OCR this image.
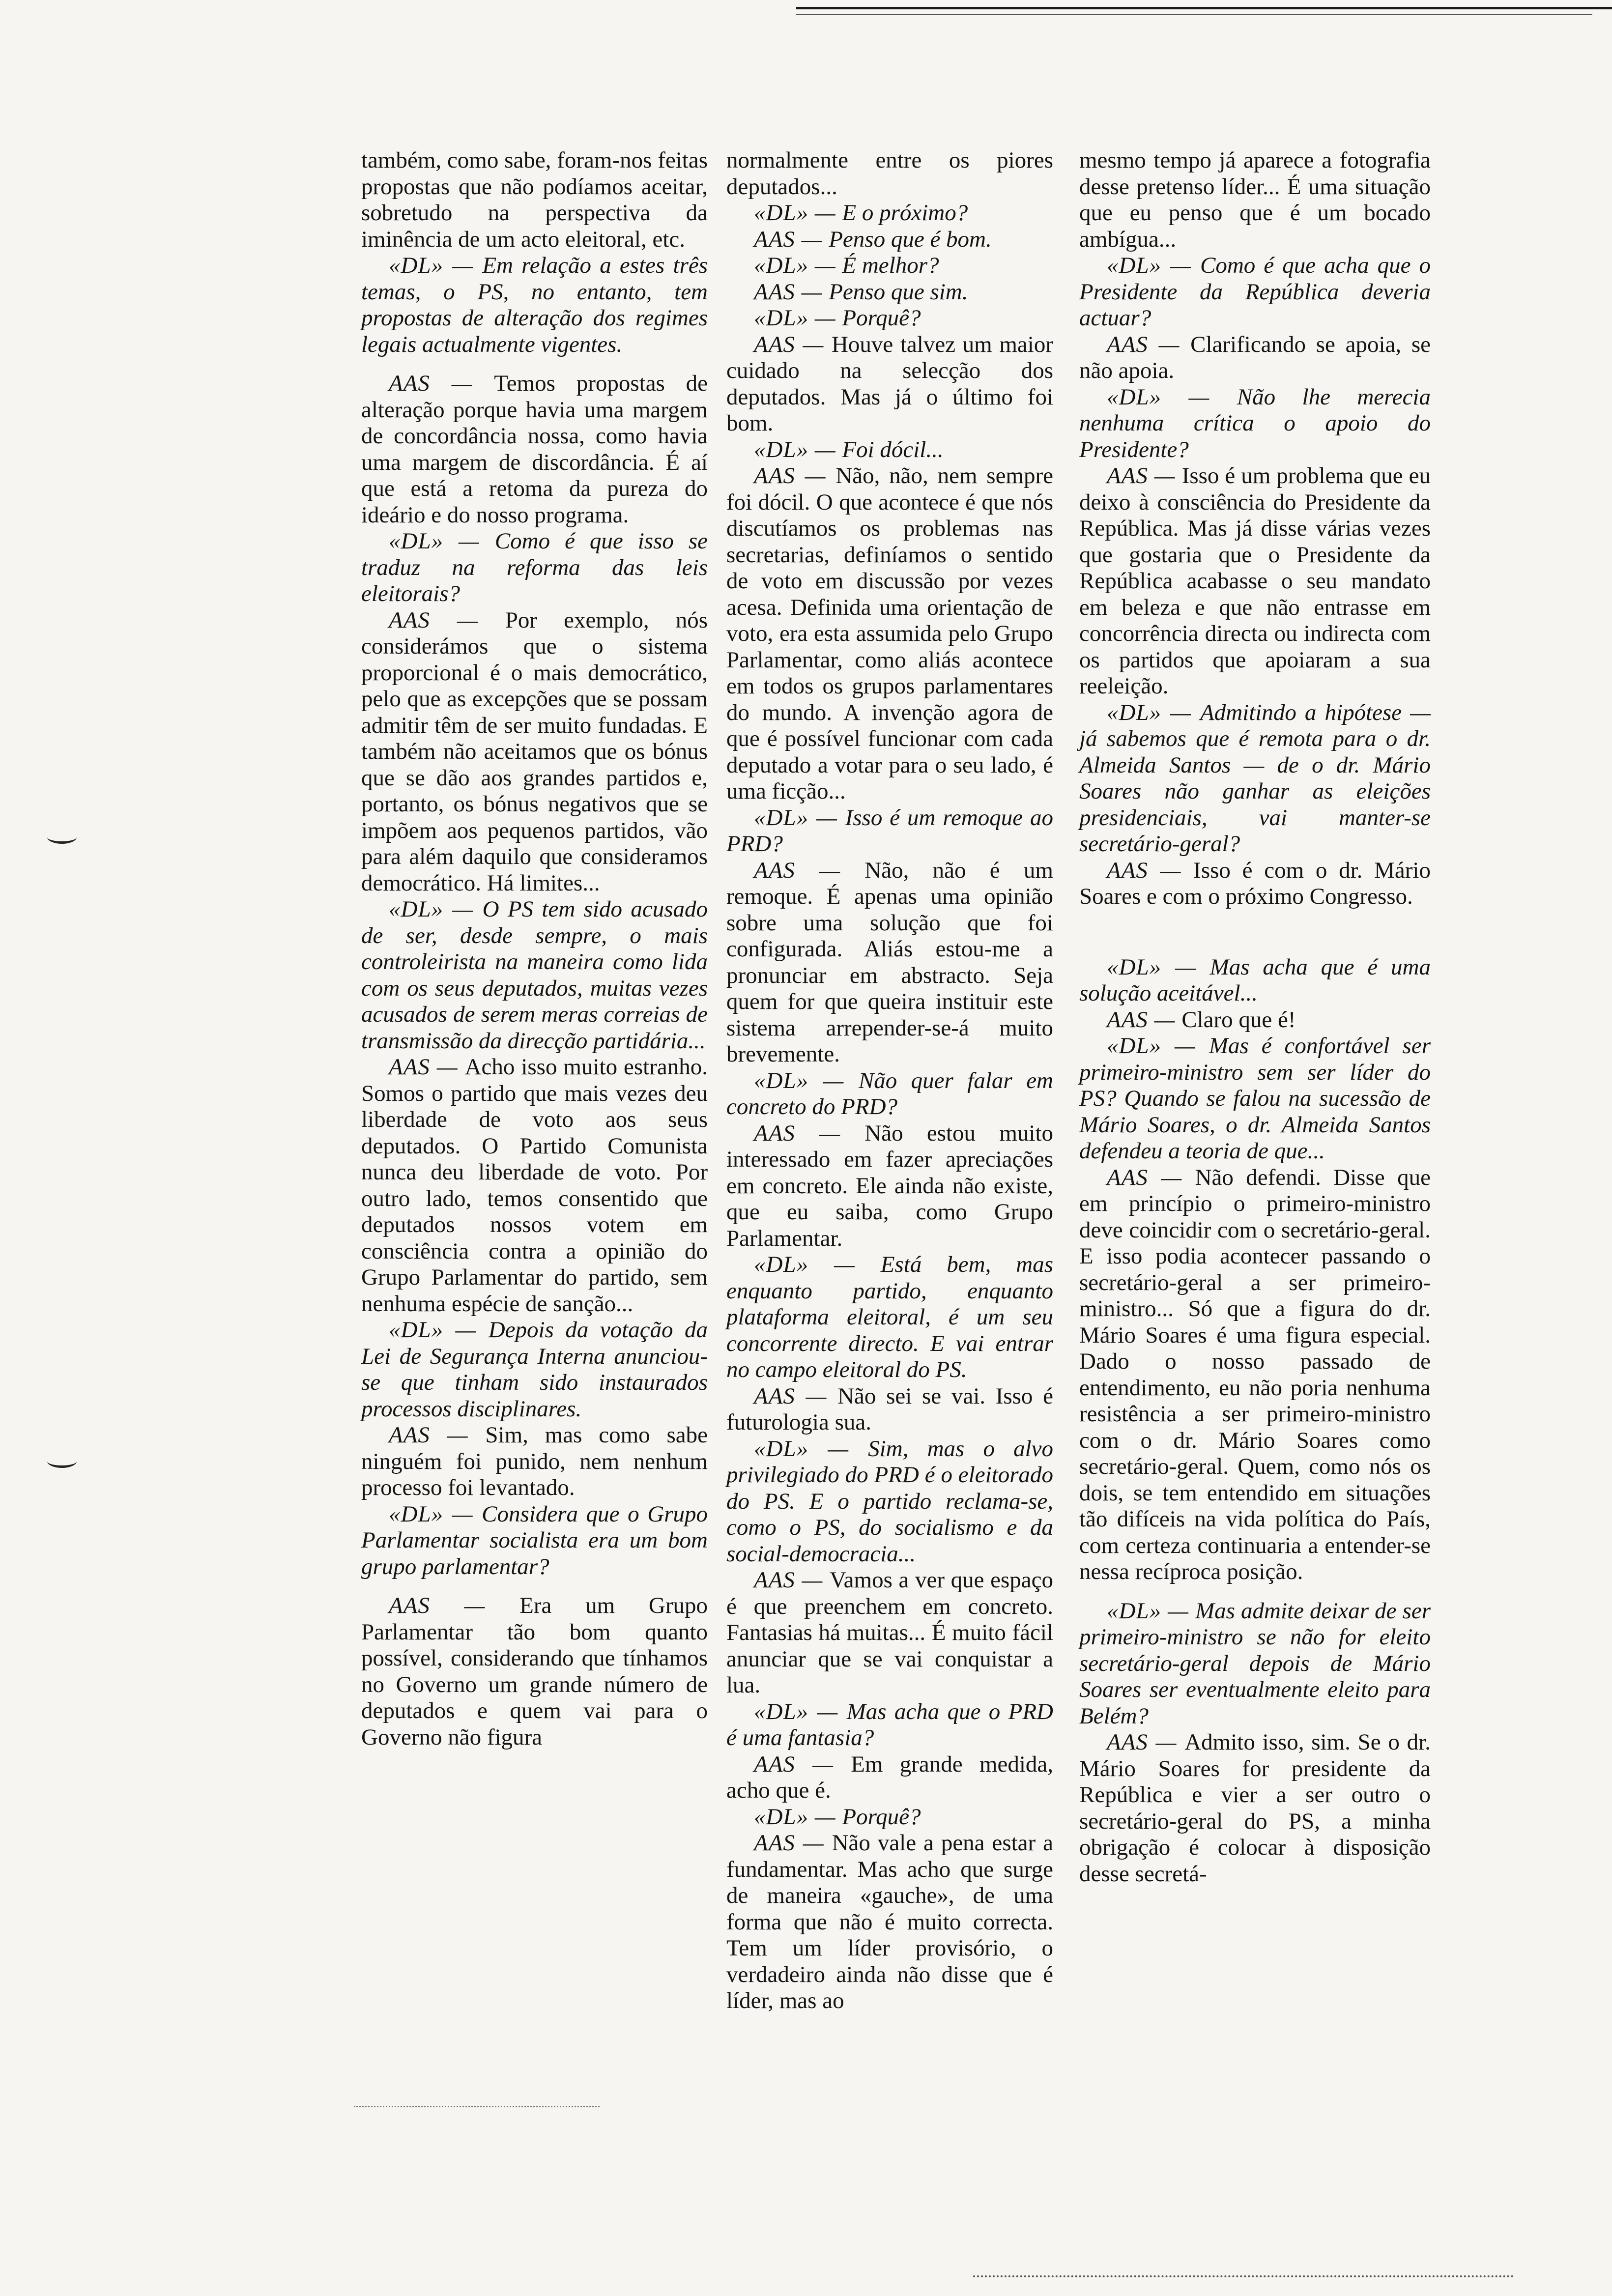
também, como sabe, foram-nos feitas propostas que não podíamos aceitar, sobretudo na perspectiva da iminência de um acto eleitoral, etc.

«DL» — Em relação a estes três temas, o PS, no entanto, tem propostas de alteração dos regimes legais actualmente vigentes.

AAS — Temos propostas de alteração porque havia uma margem de concordância nossa, como havia uma margem de discordância. É aí que está a retoma da pureza do ideário e do nosso programa.

«DL» — Como é que isso se traduz na reforma das leis eleitorais?

AAS — Por exemplo, nós considerámos que o sistema proporcional é o mais democrático, pelo que as excepções que se possam admitir têm de ser muito fundadas. E também não aceitamos que os bónus que se dão aos grandes partidos e, portanto, os bónus negativos que se impõem aos pequenos partidos, vão para além daquilo que consideramos democrático. Há limites...

«DL» — O PS tem sido acusado de ser, desde sempre, o mais controleirista na maneira como lida com os seus deputados, muitas vezes acusados de serem meras correias de transmissão da direcção partidária...

AAS — Acho isso muito estranho. Somos o partido que mais vezes deu liberdade de voto aos seus deputados. O Partido Comunista nunca deu liberdade de voto. Por outro lado, temos consentido que deputados nossos votem em consciência contra a opinião do Grupo Parlamentar do partido, sem nenhuma espécie de sanção...

«DL» — Depois da votação da Lei de Segurança Interna anunciou-se que tinham sido instaurados processos disciplinares.

AAS — Sim, mas como sabe ninguém foi punido, nem nenhum processo foi levantado.

«DL» — Considera que o Grupo Parlamentar socialista era um bom grupo parlamentar?

AAS — Era um Grupo Parlamentar tão bom quanto possível, considerando que tínhamos no Governo um grande número de deputados e quem vai para o Governo não figura

normalmente entre os piores deputados...

«DL» — E o próximo?

AAS — Penso que é bom.

«DL» — É melhor?

AAS — Penso que sim.

«DL» — Porquê?

AAS — Houve talvez um maior cuidado na selecção dos deputados. Mas já o último foi bom.

«DL» — Foi dócil...

AAS — Não, não, nem sempre foi dócil. O que acontece é que nós discutíamos os problemas nas secretarias, definíamos o sentido de voto em discussão por vezes acesa. Definida uma orientação de voto, era esta assumida pelo Grupo Parlamentar, como aliás acontece em todos os grupos parlamentares do mundo. A invenção agora de que é possível funcionar com cada deputado a votar para o seu lado, é uma ficção...

«DL» — Isso é um remoque ao PRD?

AAS — Não, não é um remoque. É apenas uma opinião sobre uma solução que foi configurada. Aliás estou-me a pronunciar em abstracto. Seja quem for que queira instituir este sistema arrepender-se-á muito brevemente.

«DL» — Não quer falar em concreto do PRD?

AAS — Não estou muito interessado em fazer apreciações em concreto. Ele ainda não existe, que eu saiba, como Grupo Parlamentar.

«DL» — Está bem, mas enquanto partido, enquanto plataforma eleitoral, é um seu concorrente directo. E vai entrar no campo eleitoral do PS.

AAS — Não sei se vai. Isso é futurologia sua.

«DL» — Sim, mas o alvo privilegiado do PRD é o eleitorado do PS. E o partido reclama-se, como o PS, do socialismo e da social-democracia...

AAS — Vamos a ver que espaço é que preenchem em concreto. Fantasias há muitas... É muito fácil anunciar que se vai conquistar a lua.

«DL» — Mas acha que o PRD é uma fantasia?

AAS — Em grande medida, acho que é.

«DL» — Porquê?

AAS — Não vale a pena estar a fundamentar. Mas acho que surge de maneira «gauche», de uma forma que não é muito correcta. Tem um líder provisório, o verdadeiro ainda não disse que é líder, mas ao

mesmo tempo já aparece a fotografia desse pretenso líder... É uma situação que eu penso que é um bocado ambígua...

«DL» — Como é que acha que o Presidente da República deveria actuar?

AAS — Clarificando se apoia, se não apoia.

«DL» — Não lhe merecia nenhuma crítica o apoio do Presidente?

AAS — Isso é um problema que eu deixo à consciência do Presidente da República. Mas já disse várias vezes que gostaria que o Presidente da República acabasse o seu mandato em beleza e que não entrasse em concorrência directa ou indirecta com os partidos que apoiaram a sua reeleição.

«DL» — Admitindo a hipótese — já sabemos que é remota para o dr. Almeida Santos — de o dr. Mário Soares não ganhar as eleições presidenciais, vai manter-se secretário-geral?

AAS — Isso é com o dr. Mário Soares e com o próximo Congresso.

«DL» — Mas acha que é uma solução aceitável...

AAS — Claro que é!

«DL» — Mas é confortável ser primeiro-ministro sem ser líder do PS? Quando se falou na sucessão de Mário Soares, o dr. Almeida Santos defendeu a teoria de que...

AAS — Não defendi. Disse que em princípio o primeiro-ministro deve coincidir com o secretário-geral. E isso podia acontecer passando o secretário-geral a ser primeiro-ministro... Só que a figura do dr. Mário Soares é uma figura especial. Dado o nosso passado de entendimento, eu não poria nenhuma resistência a ser primeiro-ministro com o dr. Mário Soares como secretário-geral. Quem, como nós os dois, se tem entendido em situações tão difíceis na vida política do País, com certeza continuaria a entender-se nessa recíproca posição.

«DL» — Mas admite deixar de ser primeiro-ministro se não for eleito secretário-geral depois de Mário Soares ser eventualmente eleito para Belém?

AAS — Admito isso, sim. Se o dr. Mário Soares for presidente da República e vier a ser outro o secretário-geral do PS, a minha obrigação é colocar à disposição desse secretá-
